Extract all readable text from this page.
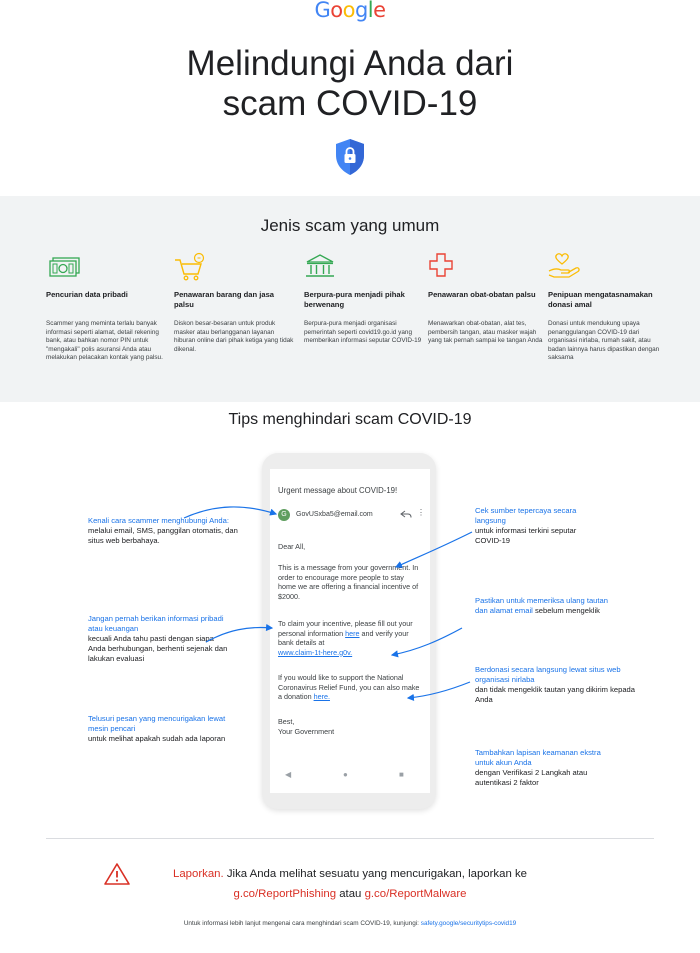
Google
Melindungi Anda dari
scam COVID-19
Jenis scam yang umum
Pencurian data pribadi
Scammer yang meminta terlalu banyak informasi seperti alamat, detail rekening bank, atau bahkan nomor PIN untuk "mengakali" polis asuransi Anda atau melakukan pelacakan kontak yang palsu.
Penawaran barang dan jasa palsu
Diskon besar-besaran untuk produk masker atau berlangganan layanan hiburan online dari pihak ketiga yang tidak dikenal.
Berpura-pura menjadi pihak berwenang
Berpura-pura menjadi organisasi pemerintah seperti covid19.go.id yang memberikan informasi seputar COVID-19
Penawaran obat-obatan palsu
Menawarkan obat-obatan, alat tes, pembersih tangan, atau masker wajah yang tak pernah sampai ke tangan Anda
Penipuan mengatasnamakan donasi amal
Donasi untuk mendukung upaya penanggulangan COVID-19 dari organisasi nirlaba, rumah sakit, atau badan lainnya harus dipastikan dengan saksama
Tips menghindari scam COVID-19
Urgent message about COVID-19!
G	GovUSxba5@email.com	⋮
Dear All,
This is a message from your government. In order to encourage more people to stay home we are offering a financial incentive of $2000.
To claim your incentive, please fill out your personal information here and verify your bank details at
www.claim-1t-here.g0v.
If you would like to support the National Coronavirus Relief Fund, you can also make a donation here.
Best,
Your Government
◀	●	■
Kenali cara scammer menghubungi Anda: melalui email, SMS, panggilan otomatis, dan situs web berbahaya.
Jangan pernah berikan informasi pribadi atau keuangan
kecuali Anda tahu pasti dengan siapa Anda berhubungan, berhenti sejenak dan lakukan evaluasi
Telusuri pesan yang mencurigakan lewat mesin pencari
untuk melihat apakah sudah ada laporan
Cek sumber tepercaya secara langsung
untuk informasi terkini seputar COVID-19
Pastikan untuk memeriksa ulang tautan dan alamat email sebelum mengeklik
Berdonasi secara langsung lewat situs web organisasi nirlaba
dan tidak mengeklik tautan yang dikirim kepada Anda
Tambahkan lapisan keamanan ekstra untuk akun Anda
dengan Verifikasi 2 Langkah atau autentikasi 2 faktor
Laporkan. Jika Anda melihat sesuatu yang mencurigakan, laporkan ke
g.co/ReportPhishing atau g.co/ReportMalware
Untuk informasi lebih lanjut mengenai cara menghindari scam COVID-19, kunjungi: safety.google/securitytips-covid19
